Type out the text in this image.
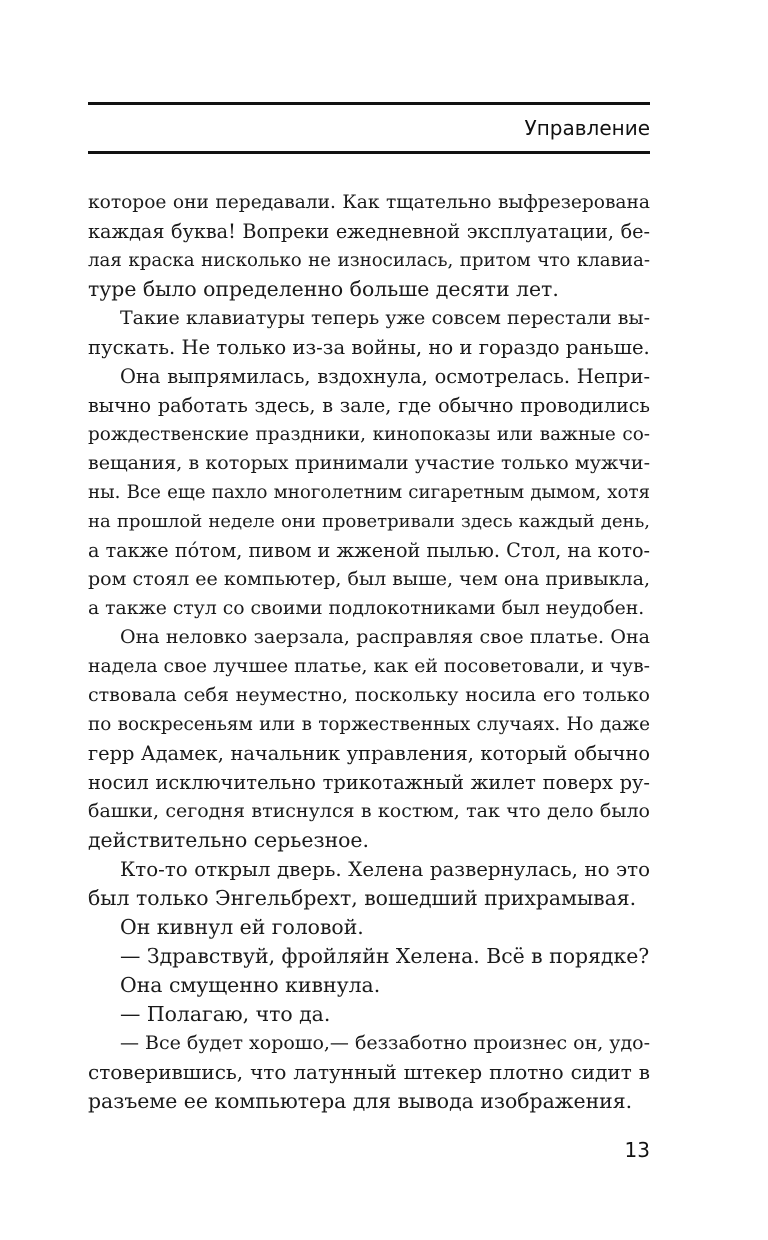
Управление

которое они передавали. Как тщательно выфрезерована

каждая буква! Вопреки ежедневной эксплуатации, бе-

лая краска нисколько не износилась, притом что клавиа-

туре было определенно больше десяти лет.

Такие клавиатуры теперь уже совсем перестали вы-

пускать. Не только из-за войны, но и гораздо раньше.

Она выпрямилась, вздохнула, осмотрелась. Непри-

вычно работать здесь, в зале, где обычно проводились

рождественские праздники, кинопоказы или важные со-

вещания, в которых принимали участие только мужчи-

ны. Все еще пахло многолетним сигаретным дымом, хотя

на прошлой неделе они проветривали здесь каждый день,

а также по́том, пивом и жженой пылью. Стол, на кото-

ром стоял ее компьютер, был выше, чем она привыкла,

а также стул со своими подлокотниками был неудобен.

Она неловко заерзала, расправляя свое платье. Она

надела свое лучшее платье, как ей посоветовали, и чув-

ствовала себя неуместно, поскольку носила его только

по воскресеньям или в торжественных случаях. Но даже

герр Адамек, начальник управления, который обычно

носил исключительно трикотажный жилет поверх ру-

башки, сегодня втиснулся в костюм, так что дело было

действительно серьезное.

Кто-то открыл дверь. Хелена развернулась, но это

был только Энгельбрехт, вошедший прихрамывая.

Он кивнул ей головой.

— Здравствуй, фройляйн Хелена. Всё в порядке?

Она смущенно кивнула.

— Полагаю, что да.

— Все будет хорошо,— беззаботно произнес он, удо-

стоверившись, что латунный штекер плотно сидит в

разъеме ее компьютера для вывода изображения.

13
